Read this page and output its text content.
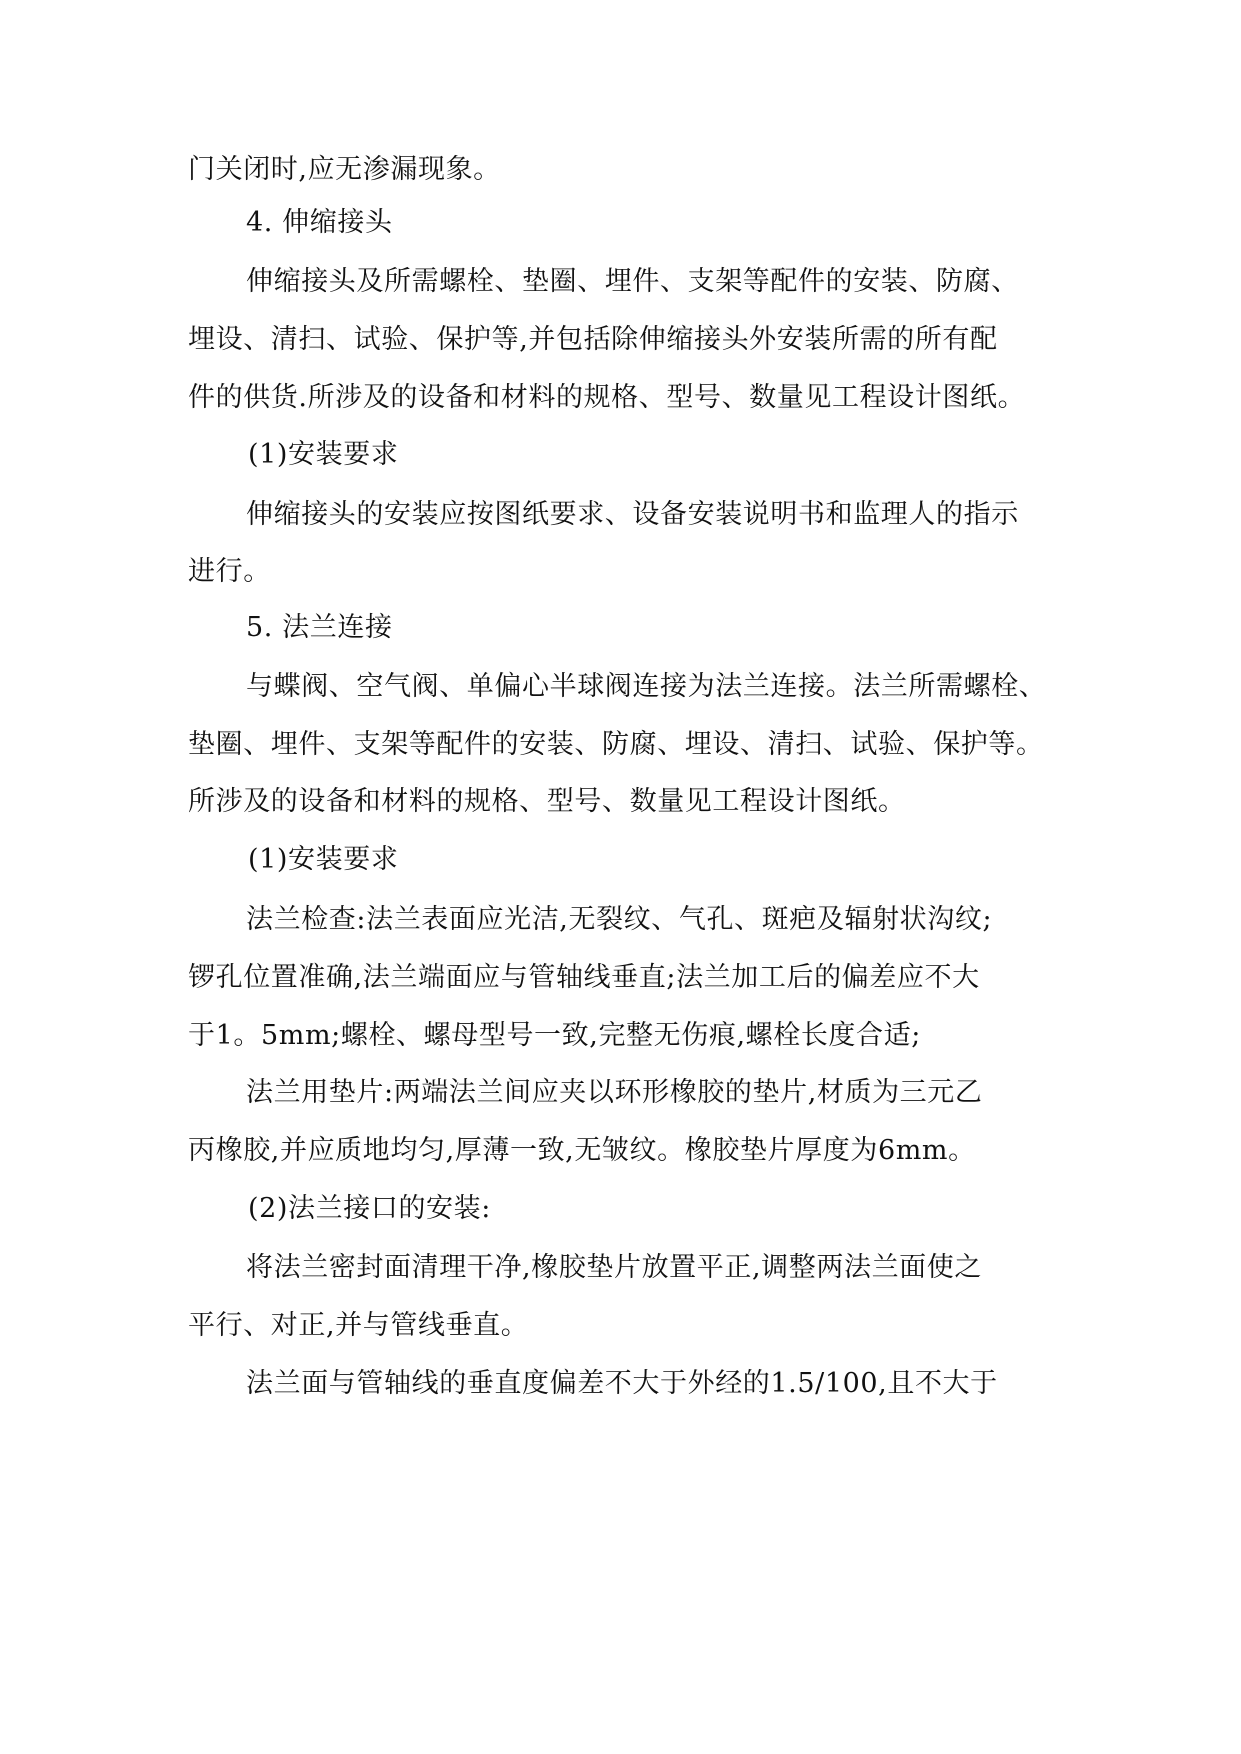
门关闭时,应无渗漏现象。
4. 伸缩接头
伸缩接头及所需螺栓、垫圈、埋件、支架等配件的安装、防腐、
埋设、清扫、试验、保护等,并包括除伸缩接头外安装所需的所有配
件的供货.所涉及的设备和材料的规格、型号、数量见工程设计图纸。
(1)安装要求
伸缩接头的安装应按图纸要求、设备安装说明书和监理人的指示
进行。
5. 法兰连接
与蝶阀、空气阀、单偏心半球阀连接为法兰连接。法兰所需螺栓、
垫圈、埋件、支架等配件的安装、防腐、埋设、清扫、试验、保护等。
所涉及的设备和材料的规格、型号、数量见工程设计图纸。
(1)安装要求
法兰检查:法兰表面应光洁,无裂纹、气孔、斑疤及辐射状沟纹;
锣孔位置准确,法兰端面应与管轴线垂直;法兰加工后的偏差应不大
于1。5mm;螺栓、螺母型号一致,完整无伤痕,螺栓长度合适;
法兰用垫片:两端法兰间应夹以环形橡胶的垫片,材质为三元乙
丙橡胶,并应质地均匀,厚薄一致,无皱纹。橡胶垫片厚度为6mm。
(2)法兰接口的安装:
将法兰密封面清理干净,橡胶垫片放置平正,调整两法兰面使之
平行、对正,并与管线垂直。
法兰面与管轴线的垂直度偏差不大于外经的1.5/100,且不大于
